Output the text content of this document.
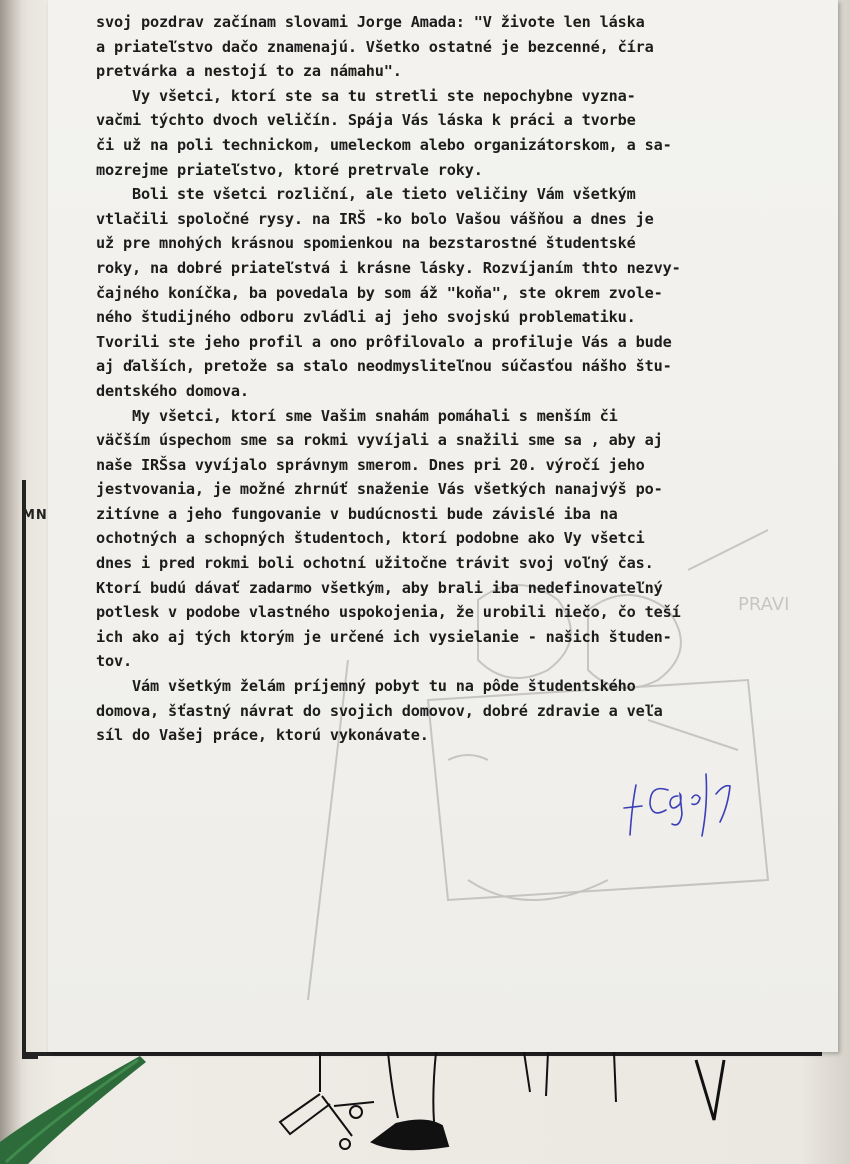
MN
PRAVI
svoj pozdrav začínam slovami Jorge Amada: "V živote len láska
a priateľstvo dačo znamenajú. Všetko ostatné je bezcenné, číra
pretvárka a nestojí to za námahu".
Vy všetci, ktorí ste sa tu stretli ste nepochybne vyzna-
vačmi týchto dvoch veličín. Spája Vás láska k práci a tvorbe
či už na poli technickom, umeleckom alebo organizátorskom, a sa-
mozrejme priateľstvo, ktoré pretrvale roky.
Boli ste všetci rozliční, ale tieto veličiny Vám všetkým
vtlačili spoločné rysy. na IRŠ -ko bolo Vašou vášňou a dnes je
už pre mnohých krásnou spomienkou na bezstarostné študentské
roky, na dobré priateľstvá i krásne lásky. Rozvíjaním thto nezvy-
čajného koníčka, ba povedala by som áž "koňa", ste okrem zvole-
ného študijného odboru zvládli aj jeho svojskú problematiku.
Tvorili ste jeho profil a ono prôfilovalo a profiluje Vás a bude
aj ďalších, pretože sa stalo neodmysliteľnou súčasťou nášho štu-
dentského domova.
My všetci, ktorí sme Vašim snahám pomáhali s menším či
väčším úspechom sme sa rokmi vyvíjali a snažili sme sa , aby aj
naše IRŠsa vyvíjalo správnym smerom. Dnes pri 20. výročí jeho
jestvovania, je možné zhrnúť snaženie Vás všetkých nanajvýš po-
zitívne a jeho fungovanie v budúcnosti bude závislé iba na
ochotných a schopných študentoch, ktorí podobne ako Vy všetci
dnes i pred rokmi boli ochotní užitočne trávit svoj voľný čas.
Ktorí budú dávať zadarmo všetkým, aby brali iba nedefinovateľný
potlesk v podobe vlastného uspokojenia, že urobili niečo, čo teší
ich ako aj tých ktorým je určené ich vysielanie - našich študen-
tov.
Vám všetkým želám príjemný pobyt tu na pôde študentského
domova, šťastný návrat do svojich domovov, dobré zdravie a veľa
síl do Vašej práce, ktorú vykonávate.
